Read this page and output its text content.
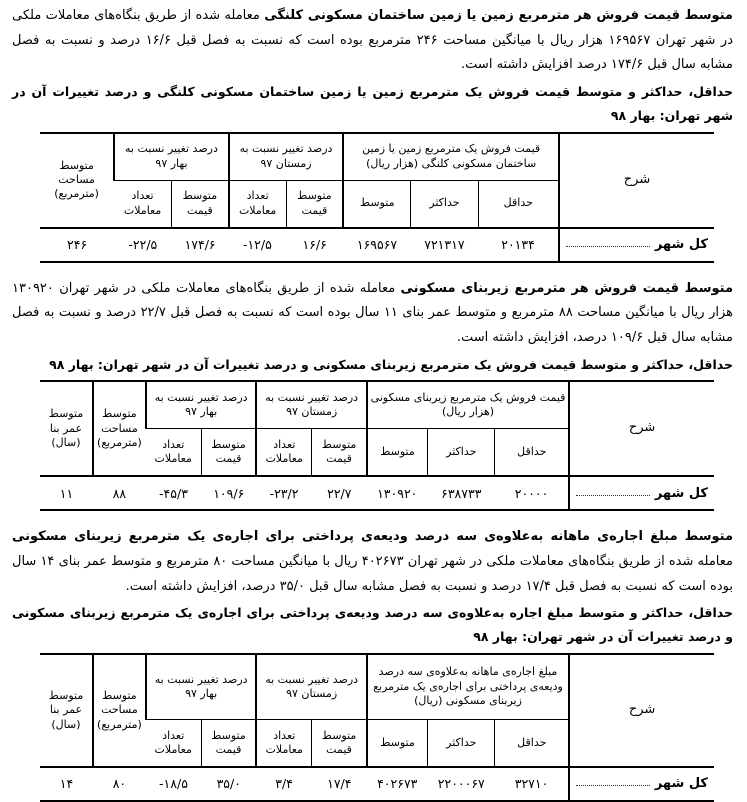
متوسط قیمت فروش هر مترمربع زمین یا زمین ساختمان مسکونی کلنگی معامله شده از طریق بنگاه‌های معاملات ملکی در شهر تهران ۱۶۹۵۶۷ هزار ریال با میانگین مساحت ۲۴۶ مترمربع بوده است که نسبت به فصل قبل ۱۶/۶ درصد و نسبت به فصل مشابه سال قبل ۱۷۴/۶ درصد افزایش داشته است.

حداقل، حداکثر و متوسط قیمت فروش یک مترمربع زمین یا زمین ساختمان مسکونی کلنگی و درصد تغییرات آن در شهر تهران: بهار ۹۸

شرح	قیمت فروش یک مترمربع زمین یا زمین ساختمان مسکونی کلنگی (هزار ریال)			درصد تغییر نسبت به زمستان ۹۷		درصد تغییر نسبت به بهار ۹۷		متوسط مساحت (مترمربع)
	حداقل	حداکثر	متوسط	متوسط قیمت	تعداد معاملات	متوسط قیمت	تعداد معاملات	

کل شهر	۲۰۱۳۴	۷۲۱۳۱۷	۱۶۹۵۶۷	۱۶/۶	-۱۲/۵	۱۷۴/۶	-۲۲/۵	۲۴۶

متوسط قیمت فروش هر مترمربع زیربنای مسکونی معامله شده از طریق بنگاه‌های معاملات ملکی در شهر تهران ۱۳۰۹۲۰ هزار ریال با میانگین مساحت ۸۸ مترمربع و متوسط عمر بنای ۱۱ سال بوده است که نسبت به فصل قبل ۲۲/۷ درصد و نسبت به فصل مشابه سال قبل ۱۰۹/۶ درصد، افزایش داشته است.

حداقل، حداکثر و متوسط قیمت فروش یک مترمربع زیربنای مسکونی و درصد تغییرات آن در شهر تهران: بهار ۹۸

شرح	قیمت فروش یک مترمربع زیربنای مسکونی (هزار ریال)			درصد تغییر نسبت به زمستان ۹۷		درصد تغییر نسبت به بهار ۹۷		متوسط مساحت (مترمربع)	متوسط عمر بنا (سال)
	حداقل	حداکثر	متوسط	متوسط قیمت	تعداد معاملات	متوسط قیمت	تعداد معاملات		

کل شهر	۲۰۰۰۰	۶۳۸۷۳۳	۱۳۰۹۲۰	۲۲/۷	-۲۳/۲	۱۰۹/۶	-۴۵/۳	۸۸	۱۱

متوسط مبلغ اجاره‌ی ماهانه به‌علاوه‌ی سه درصد ودیعه‌ی پرداختی برای اجاره‌ی یک مترمربع زیربنای مسکونی معامله شده از طریق بنگاه‌های معاملات ملکی در شهر تهران ۴۰۲۶۷۳ ریال با میانگین مساحت ۸۰ مترمربع و متوسط عمر بنای ۱۴ سال بوده است که نسبت به فصل قبل ۱۷/۴ درصد و نسبت به فصل مشابه سال قبل ۳۵/۰ درصد، افزایش داشته است.

حداقل، حداکثر و متوسط مبلغ اجاره به‌علاوه‌ی سه درصد ودیعه‌ی پرداختی برای اجاره‌ی یک مترمربع زیربنای مسکونی و درصد تغییرات آن در شهر تهران: بهار ۹۸

شرح	مبلغ اجاره‌ی ماهانه به‌علاوه‌ی سه درصد ودیعه‌ی پرداختی برای اجاره‌ی یک مترمربع زیربنای مسکونی (ریال)			درصد تغییر نسبت به زمستان ۹۷		درصد تغییر نسبت به بهار ۹۷		متوسط مساحت (مترمربع)	متوسط عمر بنا (سال)
	حداقل	حداکثر	متوسط	متوسط قیمت	تعداد معاملات	متوسط قیمت	تعداد معاملات		

کل شهر	۳۲۷۱۰	۲۲۰۰۰۶۷	۴۰۲۶۷۳	۱۷/۴	۳/۴	۳۵/۰	-۱۸/۵	۸۰	۱۴
